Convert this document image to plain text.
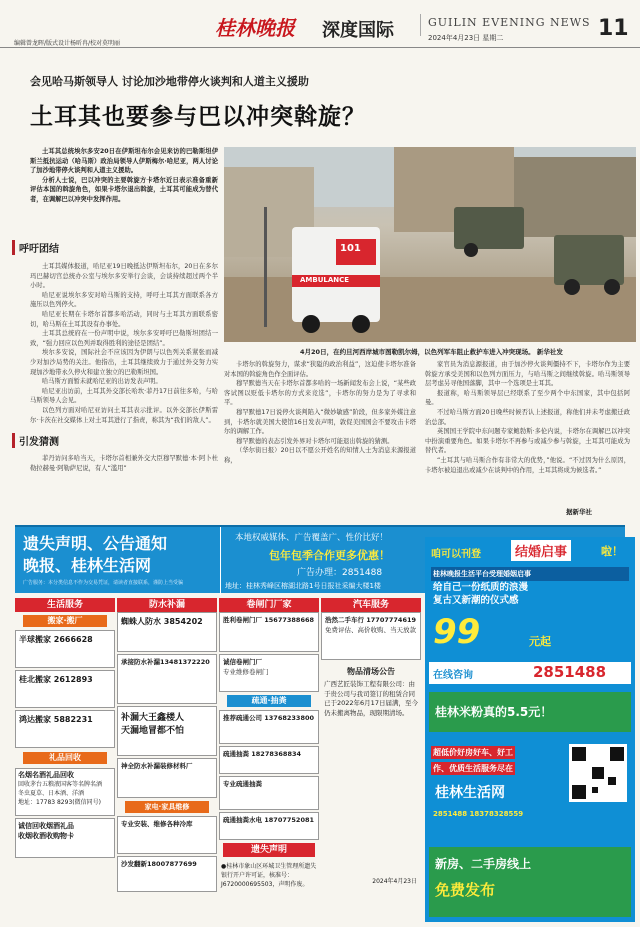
编辑曾龙晖/版式设计杨昕冉/校对莫明丽
桂林晚报 深度国际	GUILIN EVENING NEWS
2024年4月23日 星期二	11
会见哈马斯领导人 讨论加沙地带停火谈判和人道主义援助
土耳其也要参与巴以冲突斡旋？

土耳其总统埃尔多安20日在伊斯坦布尔会见来访的巴勒斯坦伊斯兰抵抗运动（哈马斯）政治局领导人伊斯梅尔·哈尼亚，两人讨论了加沙地带停火谈判和人道主义援助。

分析人士说，巴以冲突的主要斡旋方卡塔尔近日表示准备重新评估本国的斡旋角色，如果卡塔尔退出斡旋，土耳其可能成为替代者，在调解巴以冲突中发挥作用。

呼吁团结

土耳其媒体报道，哈尼亚19日晚抵达伊斯坦布尔，20日在多尔玛巴赫切宫总统办公室与埃尔多安举行会谈，会谈持续超过两个半小时。

哈尼亚说埃尔多安对哈马斯的支持，呼吁土耳其方面联系各方施压以色列停火。

哈尼亚长期在卡塔尔首都多哈活动，同时与土耳其方面联系密切，哈马斯在土耳其设有办事处。

土耳其总统府在一份声明中说，埃尔多安呼吁巴勒斯坦团结一致，“强力回应以色列并取得胜利的途径是团结”。

埃尔多安说，国际社会不应该因为伊朗与以色列关系紧张而减少对加沙局势的关注。他指出，土耳其继续致力于通过外交努力实现加沙地带永久停火和建立独立的巴勒斯坦国。

哈马斯方面暂未就哈尼亚的出访发表声明。

哈尼亚出访前，土耳其外交部长哈坎·菲丹17日前往多哈，与哈马斯领导人会见。

以色列方面对哈尼亚访问土耳其表示批评。以外交部长伊斯雷尔·卡茨在社交媒体上对土耳其进行了指责，称其为“我们的敌人”。

引发猜测

菲丹访问多哈当天，卡塔尔首相兼外交大臣穆罕默德·本·阿卜杜勒拉赫曼·阿勒萨尼说，有人“滥用”

101
AMBULANCE
4月20日，在约旦河西岸城市图勒凯尔姆，以色列军车阻止救护车进入冲突现场。 新华社发

卡塔尔的斡旋努力，谋求“狭隘的政治利益”，这迫使卡塔尔准备对本国的斡旋角色作全面评估。

穆罕默德当天在卡塔尔首都多哈的一场新闻发布会上说，“某些政客试图以贬低卡塔尔的方式来竞选”，卡塔尔的努力是为了寻求和平。

穆罕默德17日说停火谈判陷入“微妙敏感”阶段，但多家外媒注意到，卡塔尔就美国大使馆16日发表声明，敦促美国国会不要攻击卡塔尔的调解工作。

穆罕默德的表态引发外界对卡塔尔可能退出斡旋的猜测。

（华尔街日报）20日以不愿公开姓名的知情人士为消息来源报道称，

家官员为消息源报道，由于加沙停火谈判僵持不下，卡塔尔作为主要斡旋方承受美国和以色列方面压力，与哈马斯之间继续斡旋。哈马斯领导层考虑另寻他国落脚，其中一个选项是土耳其。

报道称，哈马斯领导层已经联系了至少两个中东国家，其中包括阿曼。

不过哈马斯方面20日晚些时候否认上述报道，称他们并未考虑搬迁政治总部。

英国国王学院中东问题专家鲍勃斯·多伦内说，卡塔尔在调解巴以冲突中扮演重要角色。如果卡塔尔不再参与或减少参与斡旋，土耳其可能成为替代者。

“土耳其与哈马斯合作有非常大的优势，”他说。“不过因为什么原因，卡塔尔被迫退出或减少在谈判中的作用，土耳其将成为候选者。”

据新华社
遗失声明、公告通知
晚报、桂林生活网
广告服务：本分类信息不作为交易凭证，请读者直接联系，谨防上当受骗
本地权威媒体、广告覆盖广、性价比好！
包年包季合作更多优惠！
广告办理：2851488
地址：桂林秀峰区榕湖北路1号日报社采编大楼1楼
生活服务
搬家·搬厂
半球搬家 2666628
桂北搬家 2612893
鸿达搬家 5882231
礼品回收
名烟名酒礼品回收
回收茅台五粮液国客等名牌名酒
冬虫夏草、日本酒、洋酒
地址：17783 8293(微信同号)
诚信回收烟酒礼品
收烟收酒收购物卡
防水补漏
蜘蛛人防水 3854202
承接防水补漏13481372220
补漏大王鑫楼人
天漏地冒都不怕
神全防水补漏装修材料厂
家电·家具维修
专业安装、维修各种冷库
沙发翻新18007877699
卷闸门厂家
胜利卷闸门厂 15677388668
诚信卷闸门厂
专业维修卷闸门
疏通·抽粪
推荐疏通公司 13768233800
疏通抽粪 18278368834
专业疏通抽粪
疏通抽粪水电 18707752081
遗失声明
●桂林市象山区环城卫生管理所遗失银行开户许可证，核准号：J6720000695503，声明作废。
汽车服务
浩然二手车行 17707774619
免费评估、高价收购、当天放款
物品清场公告
广西艺匠装饰工程有限公司：由于贵公司与我司签订的租赁合同已于2022年6月17日届满，至今仍未搬离物品，现限期清场。
2024年4月23日
咱可以刊登	结婚启事	啦！
桂林晚报生活平台受理婚姻启事
给自己一份纸质的浪漫
复古又新潮的仪式感
99	元起
在线咨询	2851488
桂林米粉真的5.5元！
超低价好房好车、好工
作、优质生活服务尽在
桂林生活网
2851488 18378328559
新房、二手房线上
免费发布
